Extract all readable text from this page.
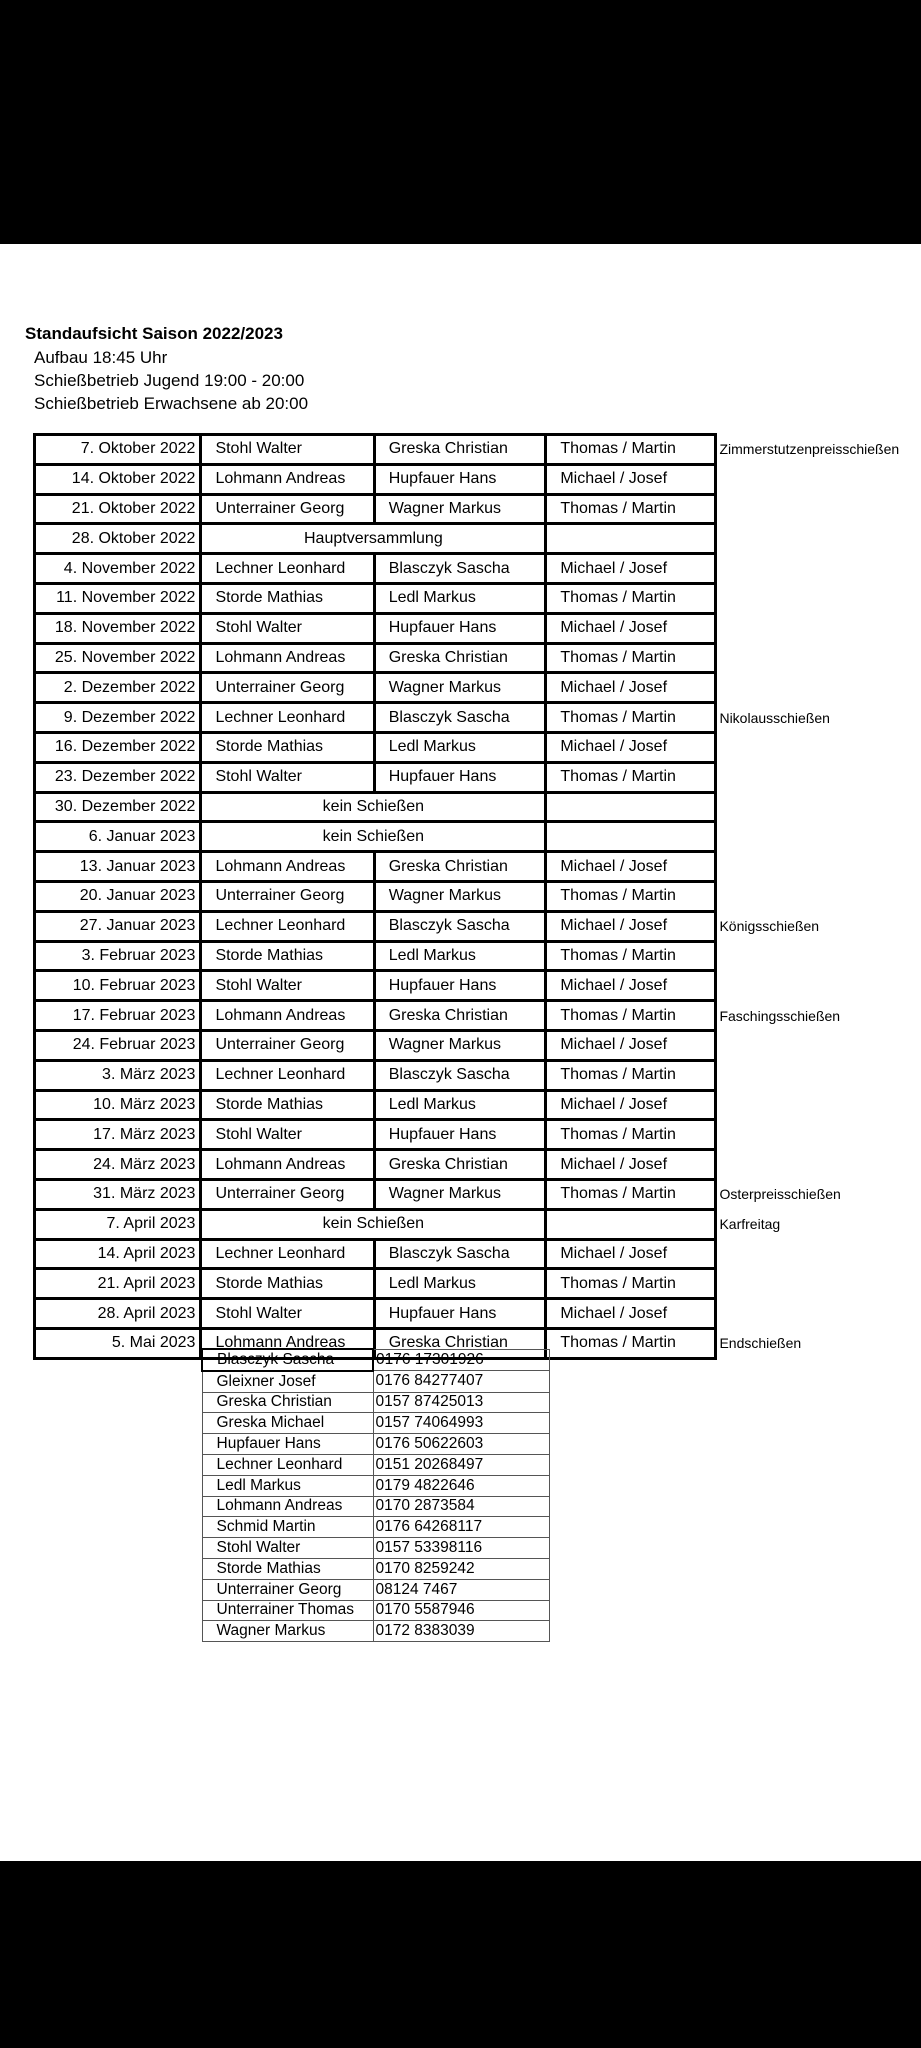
Standaufsicht Saison 2022/2023
Aufbau 18:45 Uhr
Schießbetrieb Jugend 19:00 - 20:00
Schießbetrieb Erwachsene ab 20:00
7. Oktober 2022	Stohl Walter	Greska Christian	Thomas / Martin	Zimmerstutzenpreisschießen
14. Oktober 2022	Lohmann Andreas	Hupfauer Hans	Michael / Josef	
21. Oktober 2022	Unterrainer Georg	Wagner Markus	Thomas / Martin	
28. Oktober 2022	Hauptversammlung			
4. November 2022	Lechner Leonhard	Blasczyk Sascha	Michael / Josef	
11. November 2022	Storde Mathias	Ledl Markus	Thomas / Martin	
18. November 2022	Stohl Walter	Hupfauer Hans	Michael / Josef	
25. November 2022	Lohmann Andreas	Greska Christian	Thomas / Martin	
2. Dezember 2022	Unterrainer Georg	Wagner Markus	Michael / Josef	
9. Dezember 2022	Lechner Leonhard	Blasczyk Sascha	Thomas / Martin	Nikolausschießen
16. Dezember 2022	Storde Mathias	Ledl Markus	Michael / Josef	
23. Dezember 2022	Stohl Walter	Hupfauer Hans	Thomas / Martin	
30. Dezember 2022	kein Schießen			
6. Januar 2023	kein Schießen			
13. Januar 2023	Lohmann Andreas	Greska Christian	Michael / Josef	
20. Januar 2023	Unterrainer Georg	Wagner Markus	Thomas / Martin	
27. Januar 2023	Lechner Leonhard	Blasczyk Sascha	Michael / Josef	Königsschießen
3. Februar 2023	Storde Mathias	Ledl Markus	Thomas / Martin	
10. Februar 2023	Stohl Walter	Hupfauer Hans	Michael / Josef	
17. Februar 2023	Lohmann Andreas	Greska Christian	Thomas / Martin	Faschingsschießen
24. Februar 2023	Unterrainer Georg	Wagner Markus	Michael / Josef	
3. März 2023	Lechner Leonhard	Blasczyk Sascha	Thomas / Martin	
10. März 2023	Storde Mathias	Ledl Markus	Michael / Josef	
17. März 2023	Stohl Walter	Hupfauer Hans	Thomas / Martin	
24. März 2023	Lohmann Andreas	Greska Christian	Michael / Josef	
31. März 2023	Unterrainer Georg	Wagner Markus	Thomas / Martin	Osterpreisschießen
7. April 2023	kein Schießen			Karfreitag
14. April 2023	Lechner Leonhard	Blasczyk Sascha	Michael / Josef	
21. April 2023	Storde Mathias	Ledl Markus	Thomas / Martin	
28. April 2023	Stohl Walter	Hupfauer Hans	Michael / Josef	
5. Mai 2023	Lohmann Andreas	Greska Christian	Thomas / Martin	Endschießen
Blasczyk Sascha	0176 17301926
Gleixner Josef	0176 84277407
Greska Christian	0157 87425013
Greska Michael	0157 74064993
Hupfauer Hans	0176 50622603
Lechner Leonhard	0151 20268497
Ledl Markus	0179 4822646
Lohmann Andreas	0170 2873584
Schmid Martin	0176 64268117
Stohl Walter	0157 53398116
Storde Mathias	0170 8259242
Unterrainer Georg	08124 7467
Unterrainer Thomas	0170 5587946
Wagner Markus	0172 8383039
